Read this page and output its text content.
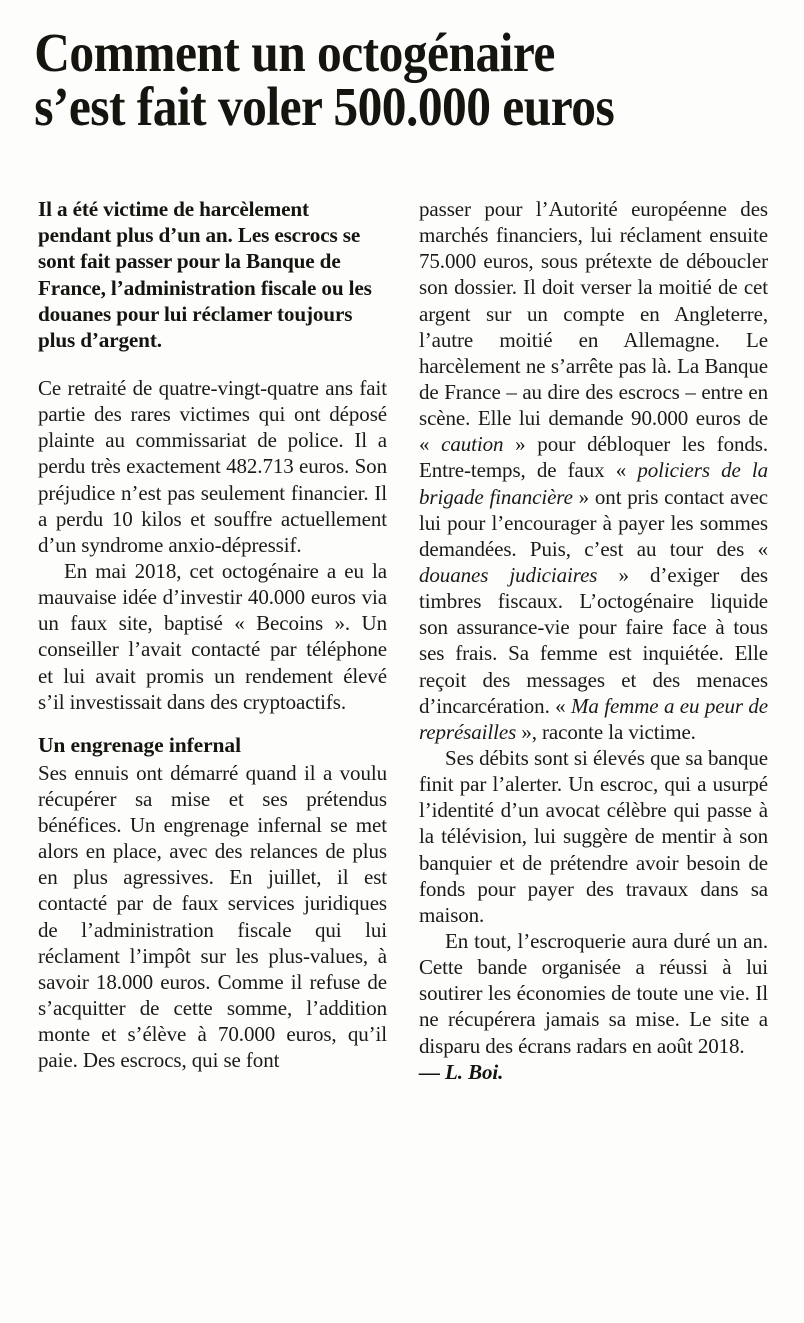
Comment un octogénaire
s’est fait voler 500.000 euros

Il a été victime de harcèlement pendant plus d’un an. Les escrocs se sont fait passer pour la Banque de France, l’administration fiscale ou les douanes pour lui réclamer toujours plus d’argent.

Ce retraité de quatre-vingt-quatre ans fait partie des rares victimes qui ont déposé plainte au commissariat de police. Il a perdu très exactement 482.713 euros. Son préjudice n’est pas seulement financier. Il a perdu 10 kilos et souffre actuellement d’un syndrome anxio-dépressif.

En mai 2018, cet octogénaire a eu la mauvaise idée d’investir 40.000 euros via un faux site, baptisé « Becoins ». Un conseiller l’avait contacté par téléphone et lui avait promis un rendement élevé s’il investissait dans des cryptoactifs.

Un engrenage infernal

Ses ennuis ont démarré quand il a voulu récupérer sa mise et ses prétendus bénéfices. Un engrenage infernal se met alors en place, avec des relances de plus en plus agressives. En juillet, il est contacté par de faux services juridiques de l’administration fiscale qui lui réclament l’impôt sur les plus-values, à savoir 18.000 euros. Comme il refuse de s’acquitter de cette somme, l’addition monte et s’élève à 70.000 euros, qu’il paie. Des escrocs, qui se font

passer pour l’Autorité européenne des marchés financiers, lui réclament ensuite 75.000 euros, sous prétexte de déboucler son dossier. Il doit verser la moitié de cet argent sur un compte en Angleterre, l’autre moitié en Allemagne. Le harcèlement ne s’arrête pas là. La Banque de France – au dire des escrocs – entre en scène. Elle lui demande 90.000 euros de « caution » pour débloquer les fonds. Entre-temps, de faux « policiers de la brigade financière » ont pris contact avec lui pour l’encourager à payer les sommes demandées. Puis, c’est au tour des « douanes judiciaires » d’exiger des timbres fiscaux. L’octogénaire liquide son assurance-vie pour faire face à tous ses frais. Sa femme est inquiétée. Elle reçoit des messages et des menaces d’incarcération. « Ma femme a eu peur de représailles », raconte la victime.

Ses débits sont si élevés que sa banque finit par l’alerter. Un escroc, qui a usurpé l’identité d’un avocat célèbre qui passe à la télévision, lui suggère de mentir à son banquier et de prétendre avoir besoin de fonds pour payer des travaux dans sa maison.

En tout, l’escroquerie aura duré un an. Cette bande organisée a réussi à lui soutirer les économies de toute une vie. Il ne récupérera jamais sa mise. Le site a disparu des écrans radars en août 2018.

— L. Boi.
